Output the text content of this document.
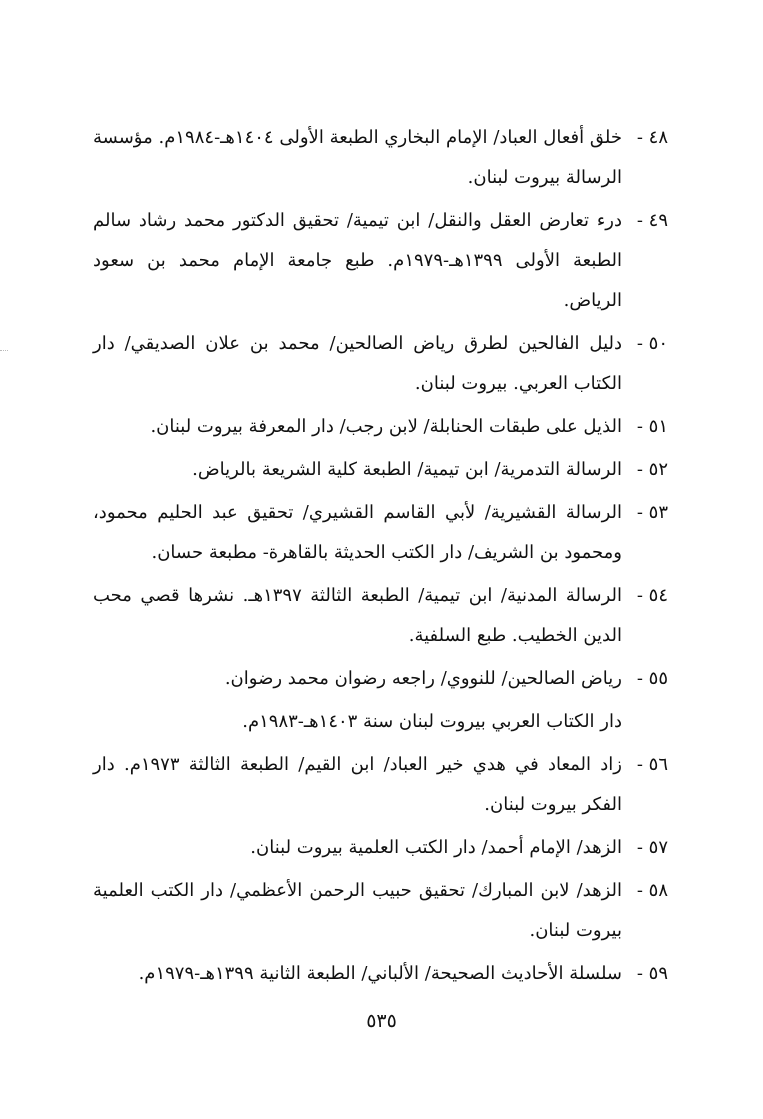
٤٨ -
خلق أفعال العباد/ الإمام البخاري الطبعة الأولى ١٤٠٤هـ-١٩٨٤م. مؤسسة الرسالة بيروت لبنان.
٤٩ -
درء تعارض العقل والنقل/ ابن تيمية/ تحقيق الدكتور محمد رشاد سالم الطبعة الأولى ١٣٩٩هـ-١٩٧٩م. طبع جامعة الإمام محمد بن سعود الرياض.
٥٠ -
دليل الفالحين لطرق رياض الصالحين/ محمد بن علان الصديقي/ دار الكتاب العربي. بيروت لبنان.
٥١ -
الذيل على طبقات الحنابلة/ لابن رجب/ دار المعرفة بيروت لبنان.
٥٢ -
الرسالة التدمرية/ ابن تيمية/ الطبعة كلية الشريعة بالرياض.
٥٣ -
الرسالة القشيرية/ لأبي القاسم القشيري/ تحقيق عبد الحليم محمود، ومحمود بن الشريف/ دار الكتب الحديثة بالقاهرة- مطبعة حسان.
٥٤ -
الرسالة المدنية/ ابن تيمية/ الطبعة الثالثة ١٣٩٧هـ. نشرها قصي محب الدين الخطيب. طبع السلفية.
٥٥ -
رياض الصالحين/ للنووي/ راجعه رضوان محمد رضوان.
دار الكتاب العربي بيروت لبنان سنة ١٤٠٣هـ-١٩٨٣م.
٥٦ -
زاد المعاد في هدي خير العباد/ ابن القيم/ الطبعة الثالثة ١٩٧٣م. دار الفكر بيروت لبنان.
٥٧ -
الزهد/ الإمام أحمد/ دار الكتب العلمية بيروت لبنان.
٥٨ -
الزهد/ لابن المبارك/ تحقيق حبيب الرحمن الأعظمي/ دار الكتب العلمية بيروت لبنان.
٥٩ -
سلسلة الأحاديث الصحيحة/ الألباني/ الطبعة الثانية ١٣٩٩هـ-١٩٧٩م.
٥٣٥
